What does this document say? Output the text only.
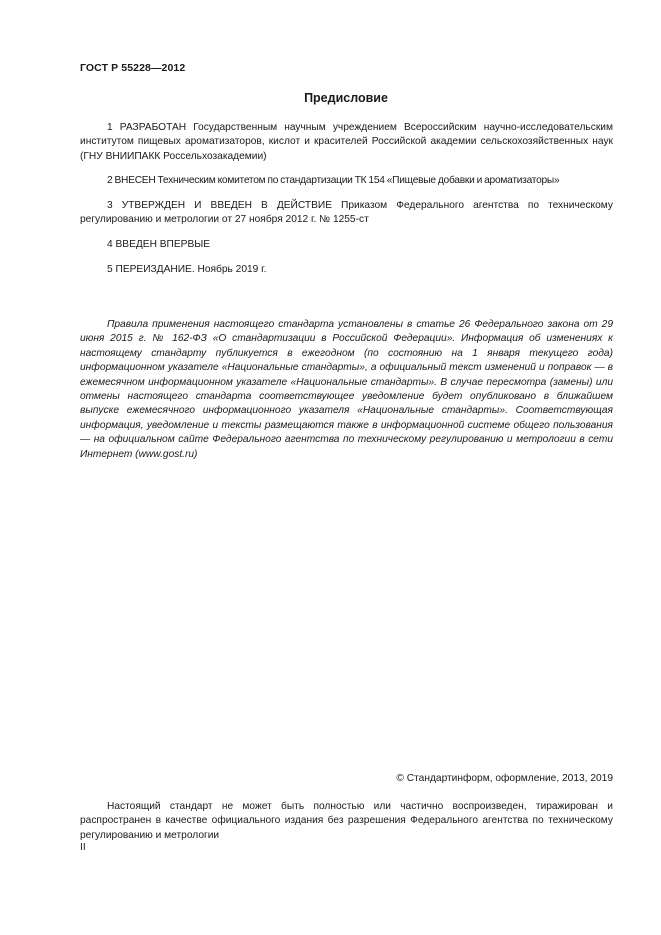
ГОСТ Р 55228—2012
Предисловие
1 РАЗРАБОТАН Государственным научным учреждением Всероссийским научно-исследовательским институтом пищевых ароматизаторов, кислот и красителей Российской академии сельскохозяйственных наук (ГНУ ВНИИПАКК Россельхозакадемии)
2 ВНЕСЕН Техническим комитетом по стандартизации ТК 154 «Пищевые добавки и ароматизаторы»
3 УТВЕРЖДЕН И ВВЕДЕН В ДЕЙСТВИЕ Приказом Федерального агентства по техническому регулированию и метрологии от 27 ноября 2012 г. № 1255-ст
4 ВВЕДЕН ВПЕРВЫЕ
5 ПЕРЕИЗДАНИЕ. Ноябрь 2019 г.
Правила применения настоящего стандарта установлены в статье 26 Федерального закона от 29 июня 2015 г. № 162-ФЗ «О стандартизации в Российской Федерации». Информация об изменениях к настоящему стандарту публикуется в ежегодном (по состоянию на 1 января текущего года) информационном указателе «Национальные стандарты», а официальный текст изменений и поправок — в ежемесячном информационном указателе «Национальные стандарты». В случае пересмотра (замены) или отмены настоящего стандарта соответствующее уведомление будет опубликовано в ближайшем выпуске ежемесячного информационного указателя «Национальные стандарты». Соответствующая информация, уведомление и тексты размещаются также в информационной системе общего пользования — на официальном сайте Федерального агентства по техническому регулированию и метрологии в сети Интернет (www.gost.ru)
© Стандартинформ, оформление, 2013, 2019
Настоящий стандарт не может быть полностью или частично воспроизведен, тиражирован и распространен в качестве официального издания без разрешения Федерального агентства по техническому регулированию и метрологии
II
